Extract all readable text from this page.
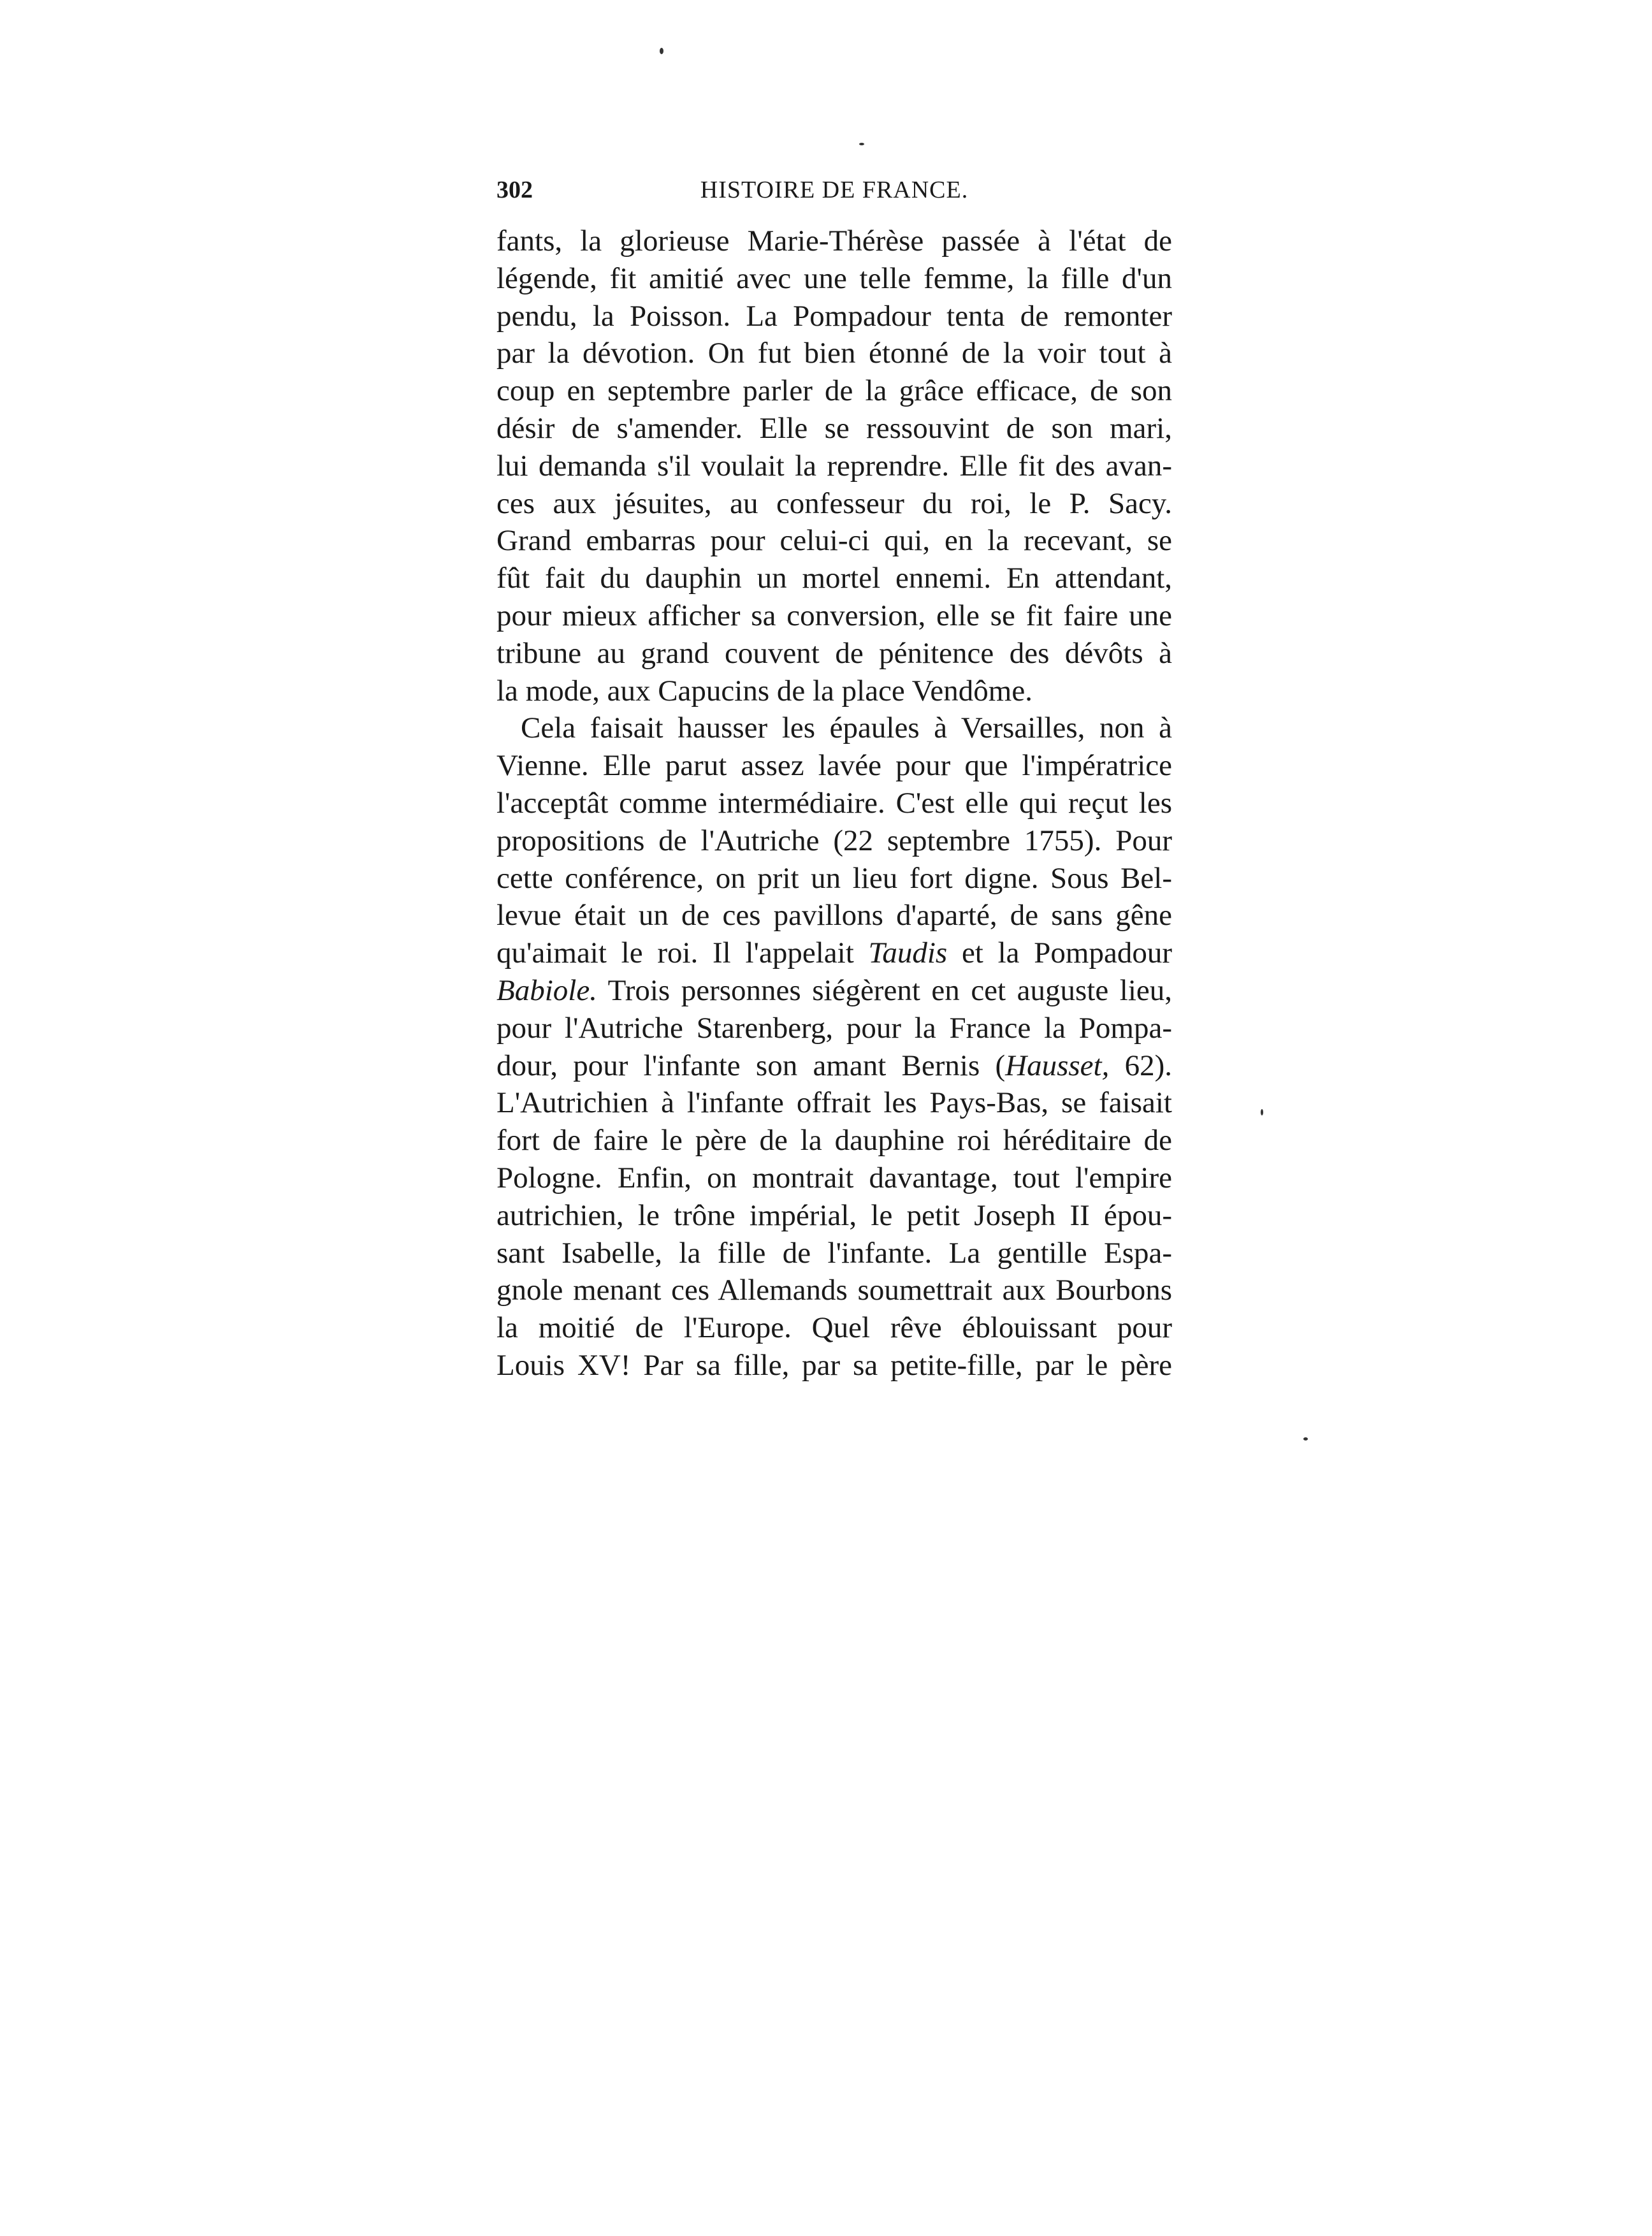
302	HISTOIRE DE FRANCE.
fants, la glorieuse Marie-Thérèse passée à l'état de
légende, fit amitié avec une telle femme, la fille d'un
pendu, la Poisson. La Pompadour tenta de remonter
par la dévotion. On fut bien étonné de la voir tout à
coup en septembre parler de la grâce efficace, de son
désir de s'amender. Elle se ressouvint de son mari,
lui demanda s'il voulait la reprendre. Elle fit des avan-
ces aux jésuites, au confesseur du roi, le P. Sacy.
Grand embarras pour celui-ci qui, en la recevant, se
fût fait du dauphin un mortel ennemi. En attendant,
pour mieux afficher sa conversion, elle se fit faire une
tribune au grand couvent de pénitence des dévôts à
la mode, aux Capucins de la place Vendôme.
Cela faisait hausser les épaules à Versailles, non à
Vienne. Elle parut assez lavée pour que l'impératrice
l'acceptât comme intermédiaire. C'est elle qui reçut les
propositions de l'Autriche (22 septembre 1755). Pour
cette conférence, on prit un lieu fort digne. Sous Bel-
levue était un de ces pavillons d'aparté, de sans gêne
qu'aimait le roi. Il l'appelait Taudis et la Pompadour
Babiole. Trois personnes siégèrent en cet auguste lieu,
pour l'Autriche Starenberg, pour la France la Pompa-
dour, pour l'infante son amant Bernis (Hausset, 62).
L'Autrichien à l'infante offrait les Pays-Bas, se faisait
fort de faire le père de la dauphine roi héréditaire de
Pologne. Enfin, on montrait davantage, tout l'empire
autrichien, le trône impérial, le petit Joseph II épou-
sant Isabelle, la fille de l'infante. La gentille Espa-
gnole menant ces Allemands soumettrait aux Bourbons
la moitié de l'Europe. Quel rêve éblouissant pour
Louis XV! Par sa fille, par sa petite-fille, par le père
